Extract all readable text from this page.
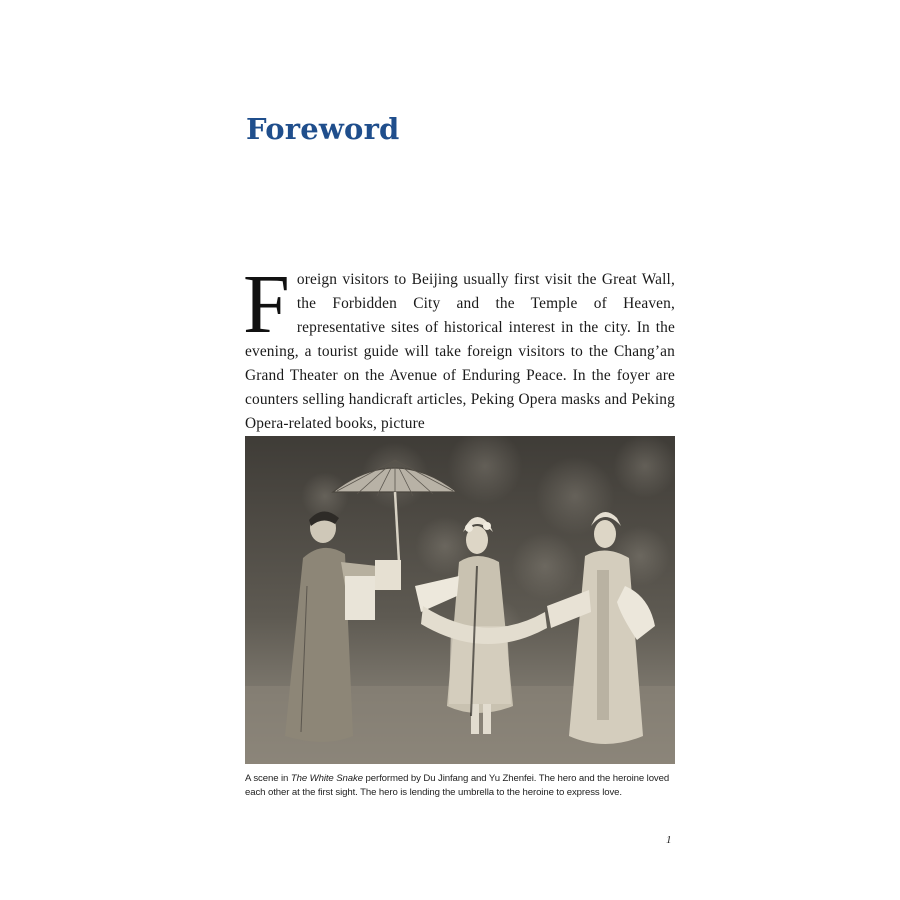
Foreword

Foreign visitors to Beijing usually first visit the Great Wall, the Forbidden City and the Temple of Heaven, representative sites of historical interest in the city. In the evening, a tourist guide will take foreign visitors to the Chang’an Grand Theater on the Avenue of Enduring Peace. In the foyer are counters selling handicraft articles, Peking Opera masks and Peking Opera-related books, picture

A scene in The White Snake performed by Du Jinfang and Yu Zhenfei. The hero and the heroine loved each other at the first sight. The hero is lending the umbrella to the heroine to express love.

1
